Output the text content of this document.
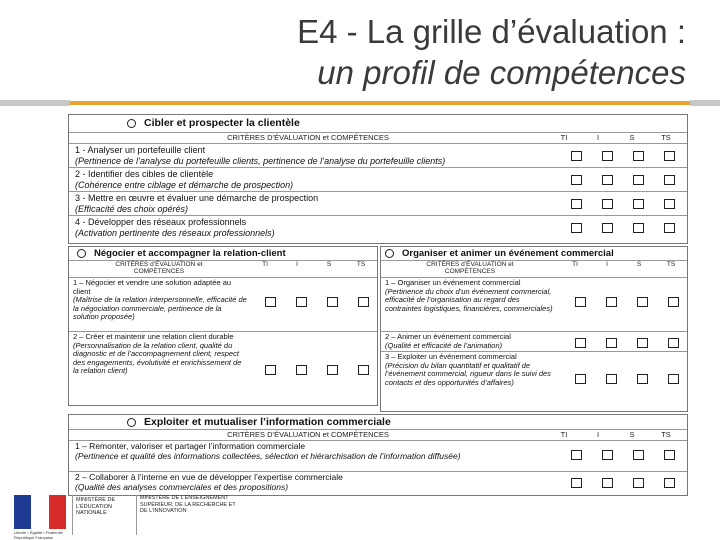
E4 - La grille d’évaluation :
un profil de compétences
Cibler et prospecter la clientèle
CRITÈRES D’ÉVALUATION et COMPÉTENCES	TI	I	S	TS
1 - Analyser un portefeuille client
(Pertinence de l’analyse du portefeuille clients, pertinence de l’analyse du portefeuille clients)
2 - Identifier des cibles de clientèle
(Cohérence entre ciblage et démarche de prospection)
3 - Mettre en œuvre et évaluer une démarche de prospection
(Efficacité des choix opérés)
4 - Développer des réseaux professionnels
(Activation pertinente des réseaux professionnels)
Négocier et accompagner la relation-client
CRITÈRES d’ÉVALUATION et
COMPÉTENCES
TI	I	S	TS
1 – Négocier et vendre une solution adaptée au client
(Maîtrise de la relation interpersonnelle, efficacité de la négociation commerciale, pertinence de la solution proposée)
2 – Créer et maintenir une relation client durable
(Personnalisation de la relation client, qualité du diagnostic et de l’accompagnement client, respect des engagements, évolutivité et enrichissement de la relation client)
Organiser et animer un événement commercial
CRITÈRES d’ÉVALUATION et
COMPÉTENCES
TI	I	S	TS
1 – Organiser un événement commercial
(Pertinence du choix d’un événement commercial, efficacité de l’organisation au regard des contraintes logistiques, financières, commerciales)
2 – Animer un événement commercial
(Qualité et efficacité de l’animation)
3 – Exploiter un événement commercial
(Précision du bilan quantitatif et qualitatif de l’événement commercial, rigueur dans le suivi des contacts et des opportunités d’affaires)
Exploiter et mutualiser l’information commerciale
CRITÈRES D’ÉVALUATION et COMPÉTENCES	TI	I	S	TS
1 – Remonter, valoriser et partager l’information commerciale
(Pertinence et qualité des informations collectées, sélection et hiérarchisation de l’information diffusée)
2 – Collaborer à l’interne en vue de développer l’expertise commerciale
(Qualité des analyses commerciales et des propositions)
Liberté • Égalité • Fraternité
République Française
MINISTÈRE DE L’ÉDUCATION NATIONALE
MINISTÈRE DE L’ENSEIGNEMENT SUPÉRIEUR, DE LA RECHERCHE ET DE L’INNOVATION
